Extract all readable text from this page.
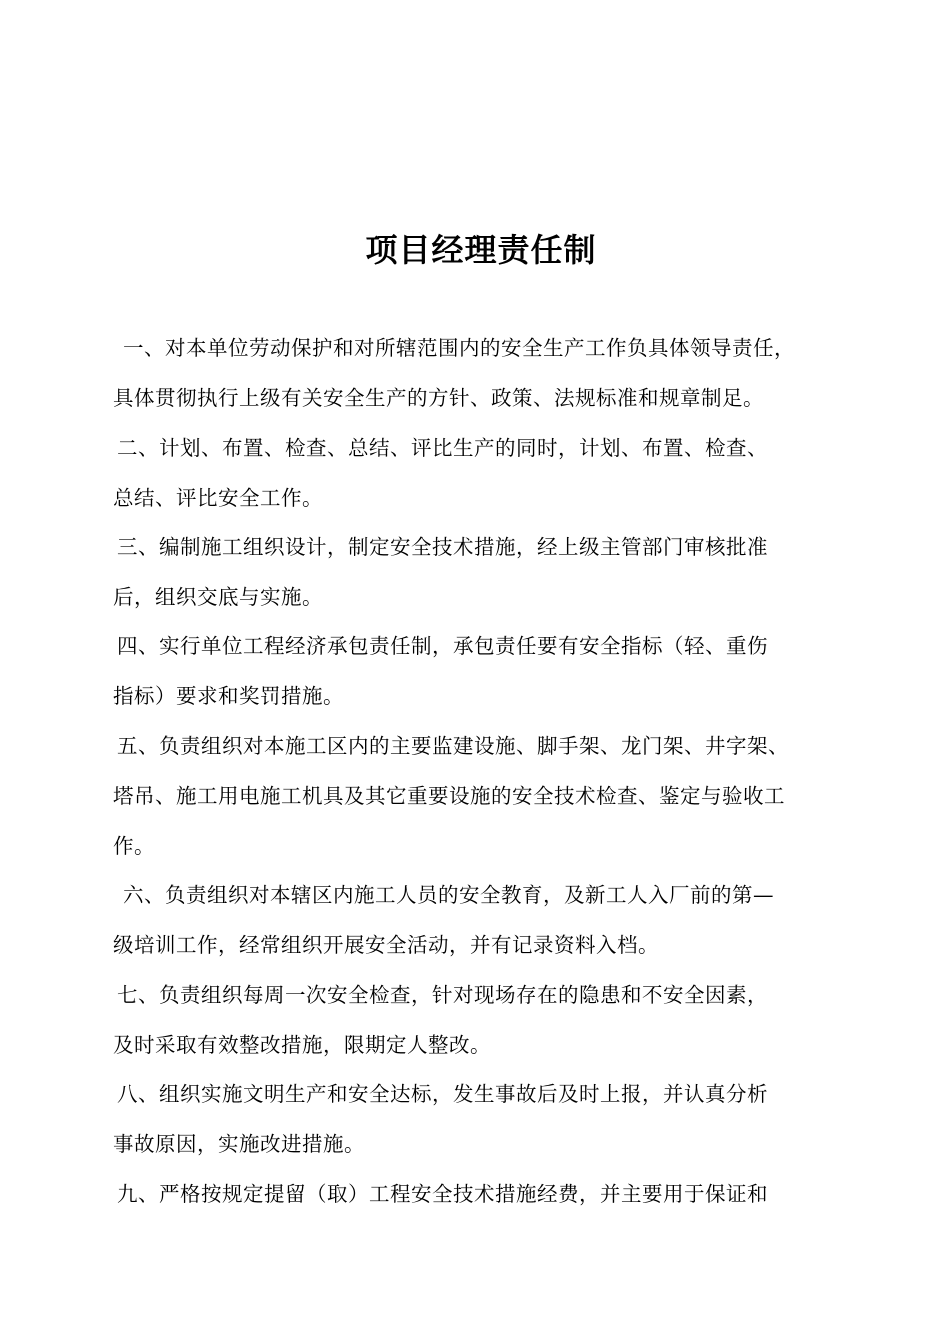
项目经理责任制
一、对本单位劳动保护和对所辖范围内的安全生产工作负具体领导责任，
具体贯彻执行上级有关安全生产的方针、政策、法规标准和规章制足。
二、计划、布置、检查、总结、评比生产的同时，计划、布置、检查、
总结、评比安全工作。
三、编制施工组织设计，制定安全技术措施，经上级主管部门审核批准
后，组织交底与实施。
四、实行单位工程经济承包责任制，承包责任要有安全指标（轻、重伤
指标）要求和奖罚措施。
五、负责组织对本施工区内的主要监建设施、脚手架、龙门架、井字架、
塔吊、施工用电施工机具及其它重要设施的安全技术检查、鉴定与验收工
作。
六、负责组织对本辖区内施工人员的安全教育，及新工人入厂前的第—
级培训工作，经常组织开展安全活动，并有记录资料入档。
七、负责组织每周一次安全检查，针对现场存在的隐患和不安全因素，
及时采取有效整改措施，限期定人整改。
八、组织实施文明生产和安全达标，发生事故后及时上报，并认真分析
事故原因，实施改进措施。
九、严格按规定提留（取）工程安全技术措施经费，并主要用于保证和
